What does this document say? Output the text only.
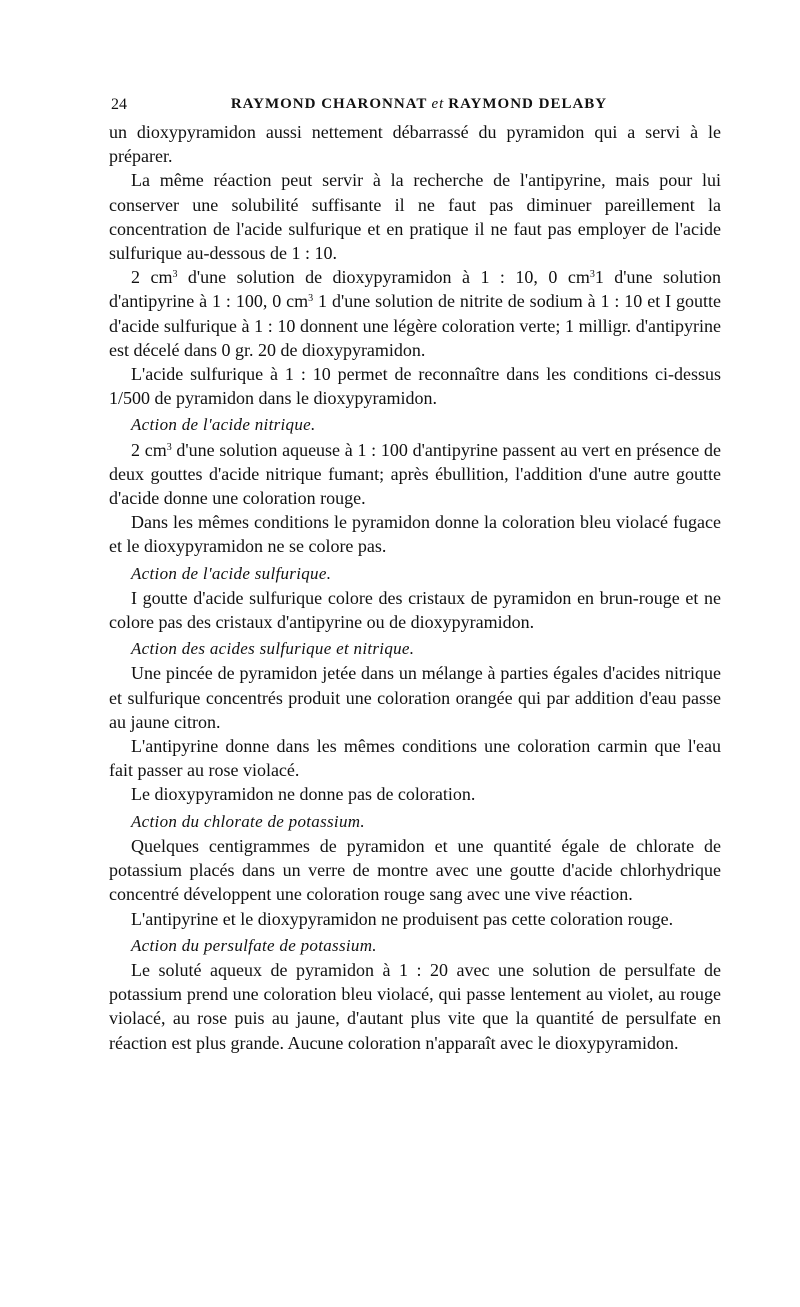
24	RAYMOND CHARONNAT et RAYMOND DELABY

un dioxypyramidon aussi nettement débarrassé du pyramidon qui a servi à le préparer.

La même réaction peut servir à la recherche de l'antipyrine, mais pour lui conserver une solubilité suffisante il ne faut pas diminuer pareillement la concentration de l'acide sulfurique et en pratique il ne faut pas employer de l'acide sulfurique au-dessous de 1 : 10.

2 $cm^3$ d'une solution de dioxypyramidon à 1 : 10, 0 $cm^31$ d'une solution d'antipyrine à 1 : 100, 0 $cm^3$ 1 d'une solution de nitrite de sodium à 1 : 10 et I goutte d'acide sulfurique à 1 : 10 donnent une légère coloration verte; 1 milligr. d'antipyrine est décelé dans 0 gr. 20 de dioxypyramidon.

L'acide sulfurique à 1 : 10 permet de reconnaître dans les conditions ci-dessus 1/500 de pyramidon dans le dioxypyramidon.

Action de l'acide nitrique.

2 $cm^3$ d'une solution aqueuse à 1 : 100 d'antipyrine passent au vert en présence de deux gouttes d'acide nitrique fumant; après ébullition, l'addition d'une autre goutte d'acide donne une coloration rouge.

Dans les mêmes conditions le pyramidon donne la coloration bleu violacé fugace et le dioxypyramidon ne se colore pas.

Action de l'acide sulfurique.

I goutte d'acide sulfurique colore des cristaux de pyramidon en brun-rouge et ne colore pas des cristaux d'antipyrine ou de dioxypyramidon.

Action des acides sulfurique et nitrique.

Une pincée de pyramidon jetée dans un mélange à parties égales d'acides nitrique et sulfurique concentrés produit une coloration orangée qui par addition d'eau passe au jaune citron.

L'antipyrine donne dans les mêmes conditions une coloration carmin que l'eau fait passer au rose violacé.

Le dioxypyramidon ne donne pas de coloration.

Action du chlorate de potassium.

Quelques centigrammes de pyramidon et une quantité égale de chlorate de potassium placés dans un verre de montre avec une goutte d'acide chlorhydrique concentré développent une coloration rouge sang avec une vive réaction.

L'antipyrine et le dioxypyramidon ne produisent pas cette coloration rouge.

Action du persulfate de potassium.

Le soluté aqueux de pyramidon à 1 : 20 avec une solution de persulfate de potassium prend une coloration bleu violacé, qui passe lentement au violet, au rouge violacé, au rose puis au jaune, d'autant plus vite que la quantité de persulfate en réaction est plus grande. Aucune coloration n'apparaît avec le dioxypyramidon.
